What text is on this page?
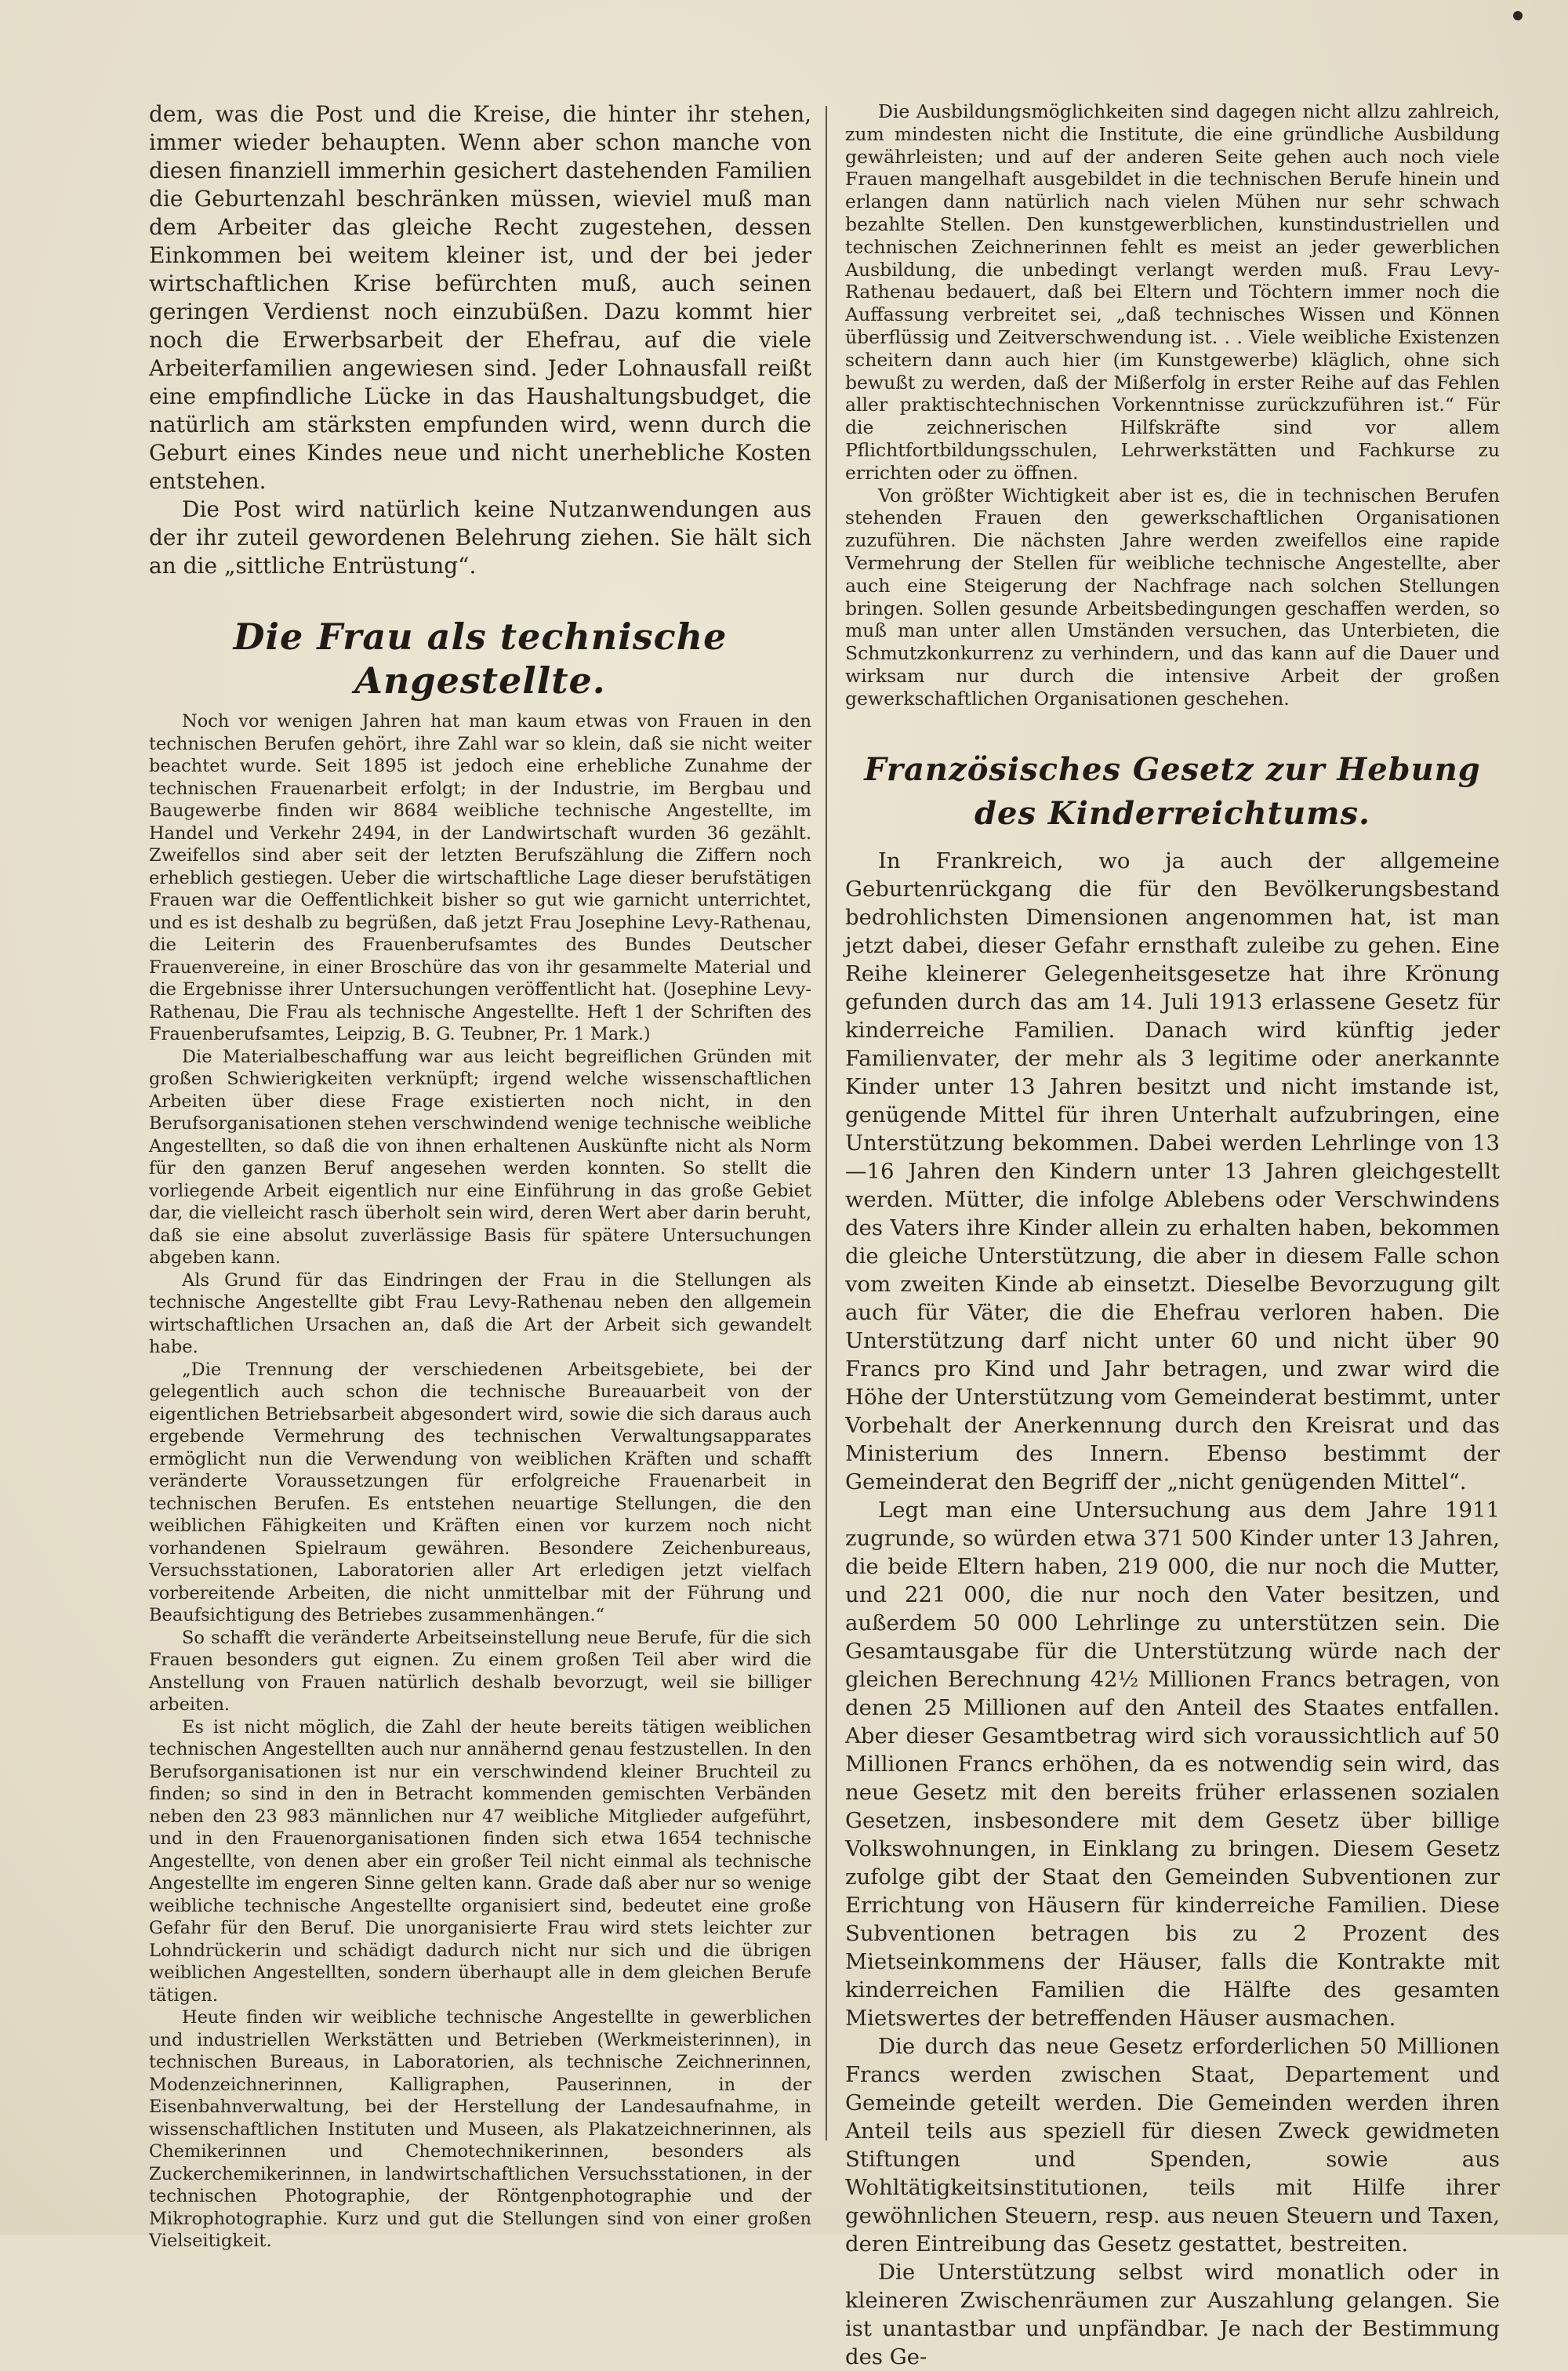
dem, was die Post und die Kreise, die hinter ihr stehen, immer wieder behaupten. Wenn aber schon manche von diesen finanziell immerhin gesichert dastehenden Familien die Geburtenzahl beschränken müssen, wieviel muß man dem Arbeiter das gleiche Recht zugestehen, dessen Einkommen bei weitem kleiner ist, und der bei jeder wirtschaftlichen Krise befürchten muß, auch seinen geringen Verdienst noch einzubüßen. Dazu kommt hier noch die Erwerbsarbeit der Ehefrau, auf die viele Arbeiterfamilien angewiesen sind. Jeder Lohnausfall reißt eine empfindliche Lücke in das Haushaltungsbudget, die natürlich am stärksten empfunden wird, wenn durch die Geburt eines Kindes neue und nicht unerhebliche Kosten entstehen.

Die Post wird natürlich keine Nutzanwendungen aus der ihr zuteil gewordenen Belehrung ziehen. Sie hält sich an die „sittliche Entrüstung“.

Die Frau als technische Angestellte.

Noch vor wenigen Jahren hat man kaum etwas von Frauen in den technischen Berufen gehört, ihre Zahl war so klein, daß sie nicht weiter beachtet wurde. Seit 1895 ist jedoch eine erhebliche Zunahme der technischen Frauenarbeit erfolgt; in der Industrie, im Bergbau und Baugewerbe finden wir 8684 weibliche technische Angestellte, im Handel und Verkehr 2494, in der Landwirtschaft wurden 36 gezählt. Zweifellos sind aber seit der letzten Berufszählung die Ziffern noch erheblich gestiegen. Ueber die wirtschaftliche Lage dieser berufstätigen Frauen war die Oeffentlichkeit bisher so gut wie garnicht unterrichtet, und es ist deshalb zu begrüßen, daß jetzt Frau Josephine Levy-Rathenau, die Leiterin des Frauenberufsamtes des Bundes Deutscher Frauenvereine, in einer Broschüre das von ihr gesammelte Material und die Ergebnisse ihrer Untersuchungen veröffentlicht hat. (Josephine Levy-Rathenau, Die Frau als technische Angestellte. Heft 1 der Schriften des Frauenberufsamtes, Leipzig, B. G. Teubner, Pr. 1 Mark.)

Die Materialbeschaffung war aus leicht begreiflichen Gründen mit großen Schwierigkeiten verknüpft; irgend welche wissenschaftlichen Arbeiten über diese Frage existierten noch nicht, in den Berufsorganisationen stehen verschwindend wenige technische weibliche Angestellten, so daß die von ihnen erhaltenen Auskünfte nicht als Norm für den ganzen Beruf angesehen werden konnten. So stellt die vorliegende Arbeit eigentlich nur eine Einführung in das große Gebiet dar, die vielleicht rasch überholt sein wird, deren Wert aber darin beruht, daß sie eine absolut zuverlässige Basis für spätere Untersuchungen abgeben kann.

Als Grund für das Eindringen der Frau in die Stellungen als technische Angestellte gibt Frau Levy-Rathenau neben den allgemein wirtschaftlichen Ursachen an, daß die Art der Arbeit sich gewandelt habe.

„Die Trennung der verschiedenen Arbeitsgebiete, bei der gelegentlich auch schon die technische Bureauarbeit von der eigentlichen Betriebsarbeit abgesondert wird, sowie die sich daraus auch ergebende Vermehrung des technischen Verwaltungsapparates ermöglicht nun die Verwendung von weiblichen Kräften und schafft veränderte Voraussetzungen für erfolgreiche Frauenarbeit in technischen Berufen. Es entstehen neuartige Stellungen, die den weiblichen Fähigkeiten und Kräften einen vor kurzem noch nicht vorhandenen Spielraum gewähren. Besondere Zeichenbureaus, Versuchsstationen, Laboratorien aller Art erledigen jetzt vielfach vorbereitende Arbeiten, die nicht unmittelbar mit der Führung und Beaufsichtigung des Betriebes zusammenhängen.“

So schafft die veränderte Arbeitseinstellung neue Berufe, für die sich Frauen besonders gut eignen. Zu einem großen Teil aber wird die Anstellung von Frauen natürlich deshalb bevorzugt, weil sie billiger arbeiten.

Es ist nicht möglich, die Zahl der heute bereits tätigen weiblichen technischen Angestellten auch nur annähernd genau festzustellen. In den Berufsorganisationen ist nur ein verschwindend kleiner Bruchteil zu finden; so sind in den in Betracht kommenden gemischten Verbänden neben den 23 983 männlichen nur 47 weibliche Mitglieder aufgeführt, und in den Frauenorganisationen finden sich etwa 1654 technische Angestellte, von denen aber ein großer Teil nicht einmal als technische Angestellte im engeren Sinne gelten kann. Grade daß aber nur so wenige weibliche technische Angestellte organisiert sind, bedeutet eine große Gefahr für den Beruf. Die unorganisierte Frau wird stets leichter zur Lohndrückerin und schädigt dadurch nicht nur sich und die übrigen weiblichen Angestellten, sondern überhaupt alle in dem gleichen Berufe tätigen.

Heute finden wir weibliche technische Angestellte in gewerblichen und industriellen Werkstätten und Betrieben (Werkmeisterinnen), in technischen Bureaus, in Laboratorien, als technische Zeichnerinnen, Modenzeichnerinnen, Kalligraphen, Pauserinnen, in der Eisenbahnverwaltung, bei der Herstellung der Landesaufnahme, in wissenschaftlichen Instituten und Museen, als Plakatzeichnerinnen, als Chemikerinnen und Chemotechnikerinnen, besonders als Zuckerchemikerinnen, in landwirtschaftlichen Versuchsstationen, in der technischen Photographie, der Röntgenphotographie und der Mikrophotographie. Kurz und gut die Stellungen sind von einer großen Vielseitigkeit.

Die Ausbildungsmöglichkeiten sind dagegen nicht allzu zahlreich, zum mindesten nicht die Institute, die eine gründliche Ausbildung gewährleisten; und auf der anderen Seite gehen auch noch viele Frauen mangelhaft ausgebildet in die technischen Berufe hinein und erlangen dann natürlich nach vielen Mühen nur sehr schwach bezahlte Stellen. Den kunstgewerblichen, kunstindustriellen und technischen Zeichnerinnen fehlt es meist an jeder gewerblichen Ausbildung, die unbedingt verlangt werden muß. Frau Levy-Rathenau bedauert, daß bei Eltern und Töchtern immer noch die Auffassung verbreitet sei, „daß technisches Wissen und Können überflüssig und Zeitverschwendung ist. . . Viele weibliche Existenzen scheitern dann auch hier (im Kunstgewerbe) kläglich, ohne sich bewußt zu werden, daß der Mißerfolg in erster Reihe auf das Fehlen aller praktischtechnischen Vorkenntnisse zurückzuführen ist.“ Für die zeichnerischen Hilfskräfte sind vor allem Pflichtfortbildungsschulen, Lehrwerkstätten und Fachkurse zu errichten oder zu öffnen.

Von größter Wichtigkeit aber ist es, die in technischen Berufen stehenden Frauen den gewerkschaftlichen Organisationen zuzuführen. Die nächsten Jahre werden zweifellos eine rapide Vermehrung der Stellen für weibliche technische Angestellte, aber auch eine Steigerung der Nachfrage nach solchen Stellungen bringen. Sollen gesunde Arbeitsbedingungen geschaffen werden, so muß man unter allen Umständen versuchen, das Unterbieten, die Schmutzkonkurrenz zu verhindern, und das kann auf die Dauer und wirksam nur durch die intensive Arbeit der großen gewerkschaftlichen Organisationen geschehen.

Französisches Gesetz zur Hebung des Kinderreichtums.

In Frankreich, wo ja auch der allgemeine Geburtenrückgang die für den Bevölkerungsbestand bedrohlichsten Dimensionen angenommen hat, ist man jetzt dabei, dieser Gefahr ernsthaft zuleibe zu gehen. Eine Reihe kleinerer Gelegenheitsgesetze hat ihre Krönung gefunden durch das am 14. Juli 1913 erlassene Gesetz für kinderreiche Familien. Danach wird künftig jeder Familienvater, der mehr als 3 legitime oder anerkannte Kinder unter 13 Jahren besitzt und nicht imstande ist, genügende Mittel für ihren Unterhalt aufzubringen, eine Unterstützung bekommen. Dabei werden Lehrlinge von 13—16 Jahren den Kindern unter 13 Jahren gleichgestellt werden. Mütter, die infolge Ablebens oder Verschwindens des Vaters ihre Kinder allein zu erhalten haben, bekommen die gleiche Unterstützung, die aber in diesem Falle schon vom zweiten Kinde ab einsetzt. Dieselbe Bevorzugung gilt auch für Väter, die die Ehefrau verloren haben. Die Unterstützung darf nicht unter 60 und nicht über 90 Francs pro Kind und Jahr betragen, und zwar wird die Höhe der Unterstützung vom Gemeinderat bestimmt, unter Vorbehalt der Anerkennung durch den Kreisrat und das Ministerium des Innern. Ebenso bestimmt der Gemeinderat den Begriff der „nicht genügenden Mittel“.

Legt man eine Untersuchung aus dem Jahre 1911 zugrunde, so würden etwa 371 500 Kinder unter 13 Jahren, die beide Eltern haben, 219 000, die nur noch die Mutter, und 221 000, die nur noch den Vater besitzen, und außerdem 50 000 Lehrlinge zu unterstützen sein. Die Gesamtausgabe für die Unterstützung würde nach der gleichen Berechnung 42½ Millionen Francs betragen, von denen 25 Millionen auf den Anteil des Staates entfallen. Aber dieser Gesamtbetrag wird sich voraussichtlich auf 50 Millionen Francs erhöhen, da es notwendig sein wird, das neue Gesetz mit den bereits früher erlassenen sozialen Gesetzen, insbesondere mit dem Gesetz über billige Volkswohnungen, in Einklang zu bringen. Diesem Gesetz zufolge gibt der Staat den Gemeinden Subventionen zur Errichtung von Häusern für kinderreiche Familien. Diese Subventionen betragen bis zu 2 Prozent des Mietseinkommens der Häuser, falls die Kontrakte mit kinderreichen Familien die Hälfte des gesamten Mietswertes der betreffenden Häuser ausmachen.

Die durch das neue Gesetz erforderlichen 50 Millionen Francs werden zwischen Staat, Departement und Gemeinde geteilt werden. Die Gemeinden werden ihren Anteil teils aus speziell für diesen Zweck gewidmeten Stiftungen und Spenden, sowie aus Wohltätigkeitsinstitutionen, teils mit Hilfe ihrer gewöhnlichen Steuern, resp. aus neuen Steuern und Taxen, deren Eintreibung das Gesetz gestattet, bestreiten.

Die Unterstützung selbst wird monatlich oder in kleineren Zwischenräumen zur Auszahlung gelangen. Sie ist unantastbar und unpfändbar. Je nach der Bestimmung des Ge-
